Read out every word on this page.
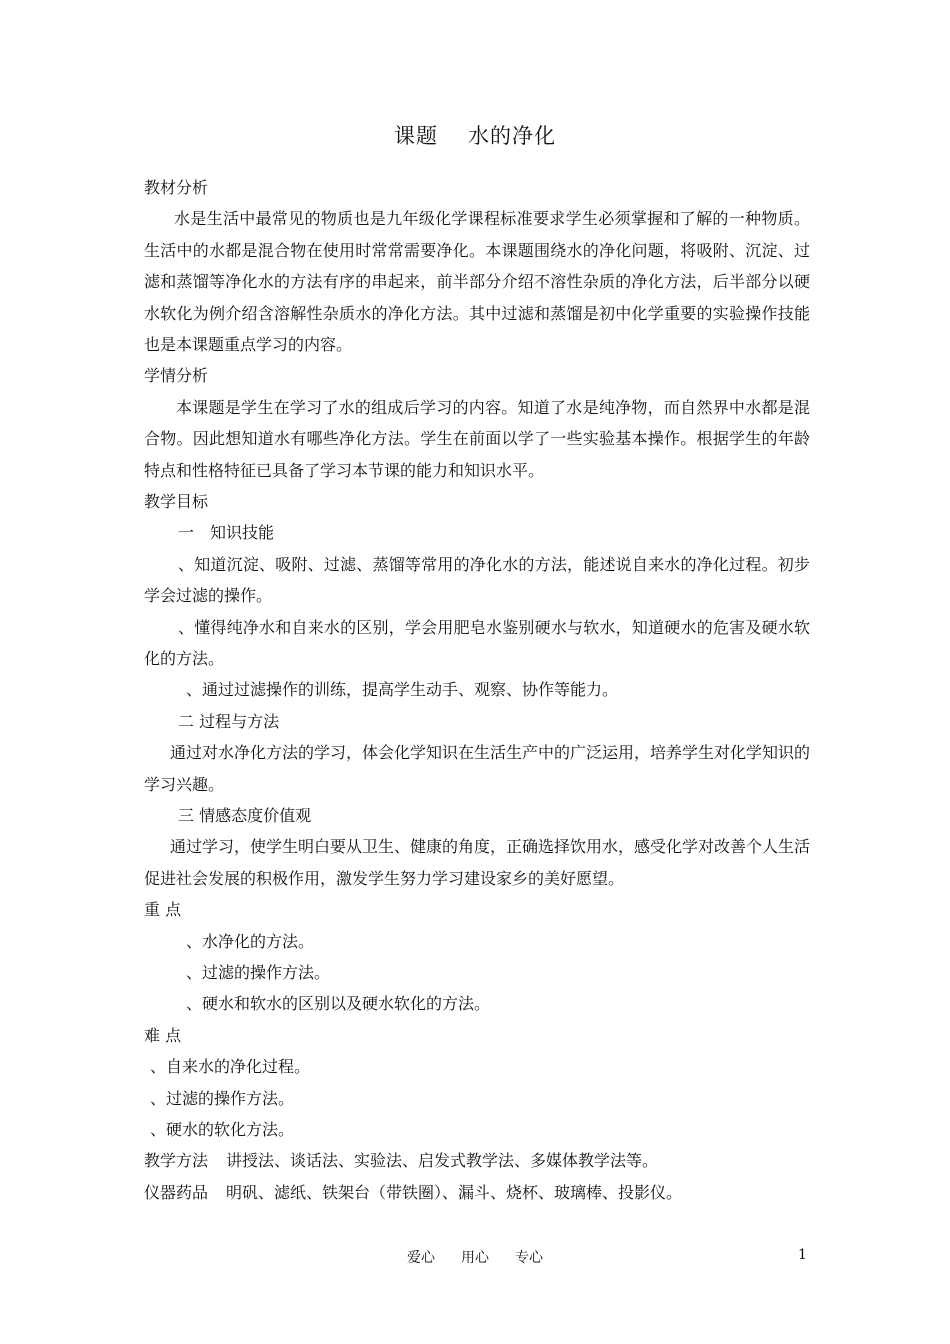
课题 水的净化
教材分析
水是生活中最常见的物质也是九年级化学课程标准要求学生必须掌握和了解的一种物质。生活中的水都是混合物在使用时常常需要净化。本课题围绕水的净化问题，将吸附、沉淀、过滤和蒸馏等净化水的方法有序的串起来，前半部分介绍不溶性杂质的净化方法，后半部分以硬水软化为例介绍含溶解性杂质水的净化方法。其中过滤和蒸馏是初中化学重要的实验操作技能也是本课题重点学习的内容。
学情分析
本课题是学生在学习了水的组成后学习的内容。知道了水是纯净物，而自然界中水都是混合物。因此想知道水有哪些净化方法。学生在前面以学了一些实验基本操作。根据学生的年龄特点和性格特征已具备了学习本节课的能力和知识水平。
教学目标
一　知识技能
、知道沉淀、吸附、过滤、蒸馏等常用的净化水的方法，能述说自来水的净化过程。初步学会过滤的操作。
、懂得纯净水和自来水的区别，学会用肥皂水鉴别硬水与软水，知道硬水的危害及硬水软化的方法。
、通过过滤操作的训练，提高学生动手、观察、协作等能力。
二 过程与方法
通过对水净化方法的学习，体会化学知识在生活生产中的广泛运用，培养学生对化学知识的学习兴趣。
三 情感态度价值观
通过学习，使学生明白要从卫生、健康的角度，正确选择饮用水，感受化学对改善个人生活促进社会发展的积极作用，激发学生努力学习建设家乡的美好愿望。
重 点
、水净化的方法。
、过滤的操作方法。
、硬水和软水的区别以及硬水软化的方法。
难 点
、自来水的净化过程。
、过滤的操作方法。
、硬水的软化方法。
教学方法 讲授法、谈话法、实验法、启发式教学法、多媒体教学法等。
仪器药品 明矾、滤纸、铁架台（带铁圈）、漏斗、烧杯、玻璃棒、投影仪。
爱心 用心 专心	1
